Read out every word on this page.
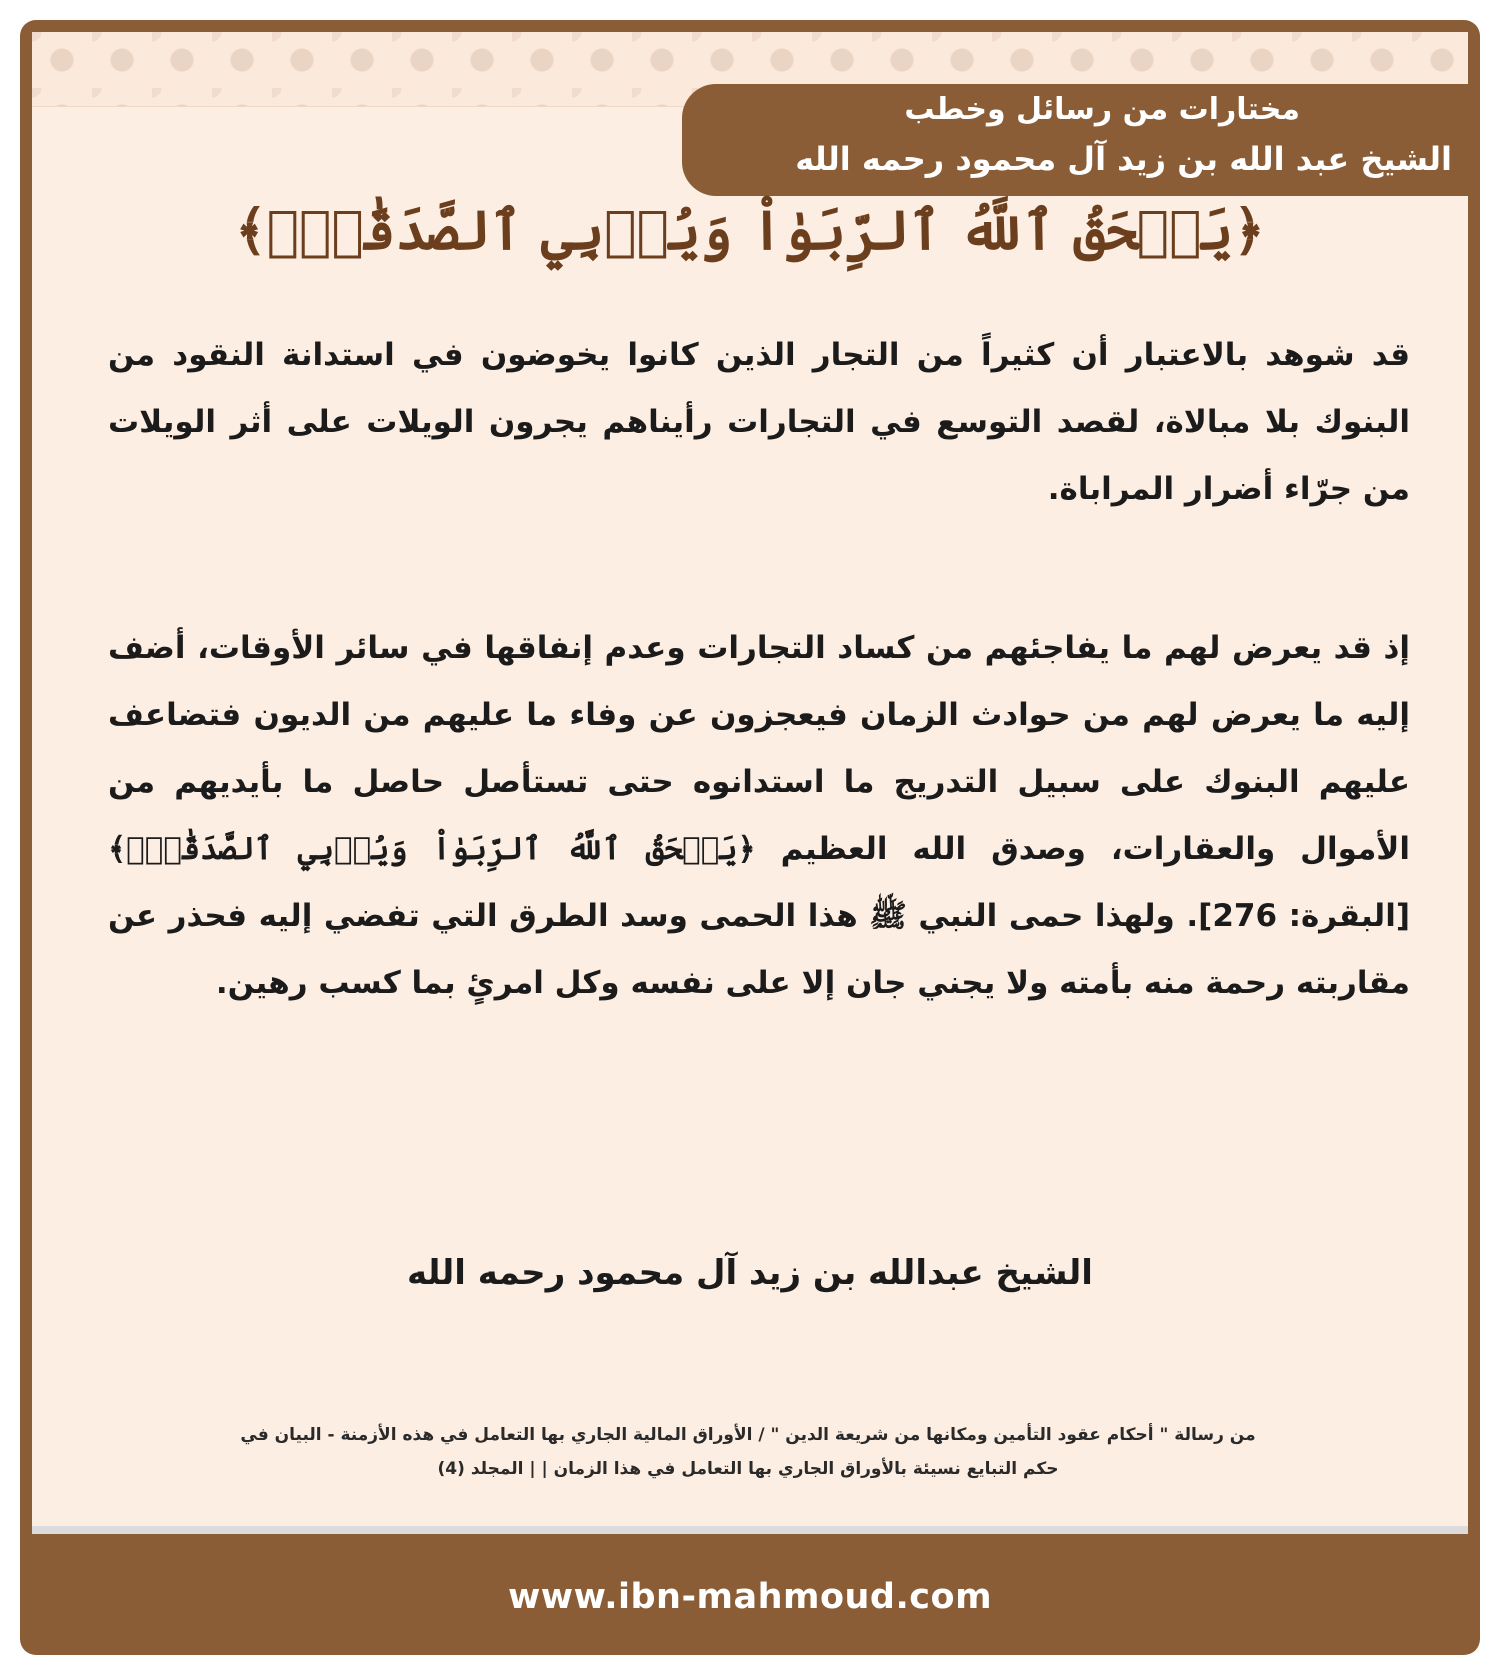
مختارات من رسائل وخطب
الشيخ عبد الله بن زيد آل محمود رحمه الله
﴿يَمۡحَقُ ٱللَّهُ ٱلرِّبَوٰاْ وَيُرۡبِي ٱلصَّدَقَٰتِۗ﴾

قد شوهد بالاعتبار أن كثيراً من التجار الذين كانوا يخوضون في استدانة النقود من البنوك بلا مبالاة، لقصد التوسع في التجارات رأيناهم يجرون الويلات على أثر الويلات من جرّاء أضرار المراباة.

إذ قد يعرض لهم ما يفاجئهم من كساد التجارات وعدم إنفاقها في سائر الأوقات، أضف إليه ما يعرض لهم من حوادث الزمان فيعجزون عن وفاء ما عليهم من الديون فتضاعف عليهم البنوك على سبيل التدريج ما استدانوه حتى تستأصل حاصل ما بأيديهم من الأموال والعقارات، وصدق الله العظيم ﴿يَمۡحَقُ ٱللَّهُ ٱلرِّبَوٰاْ وَيُرۡبِي ٱلصَّدَقَٰتِۗ﴾ [البقرة: 276]. ولهذا حمى النبي ﷺ هذا الحمى وسد الطرق التي تفضي إليه فحذر عن مقاربته رحمة منه بأمته ولا يجني جان إلا على نفسه وكل امرئٍ بما كسب رهين.

الشيخ عبدالله بن زيد آل محمود رحمه الله
من رسالة " أحكام عقود التأمين ومكانها من شريعة الدين " / الأوراق المالية الجاري بها التعامل في هذه الأزمنة - البيان في
حكم التبايع نسيئة بالأوراق الجاري بها التعامل في هذا الزمان | | المجلد (4)
www.ibn-mahmoud.com
